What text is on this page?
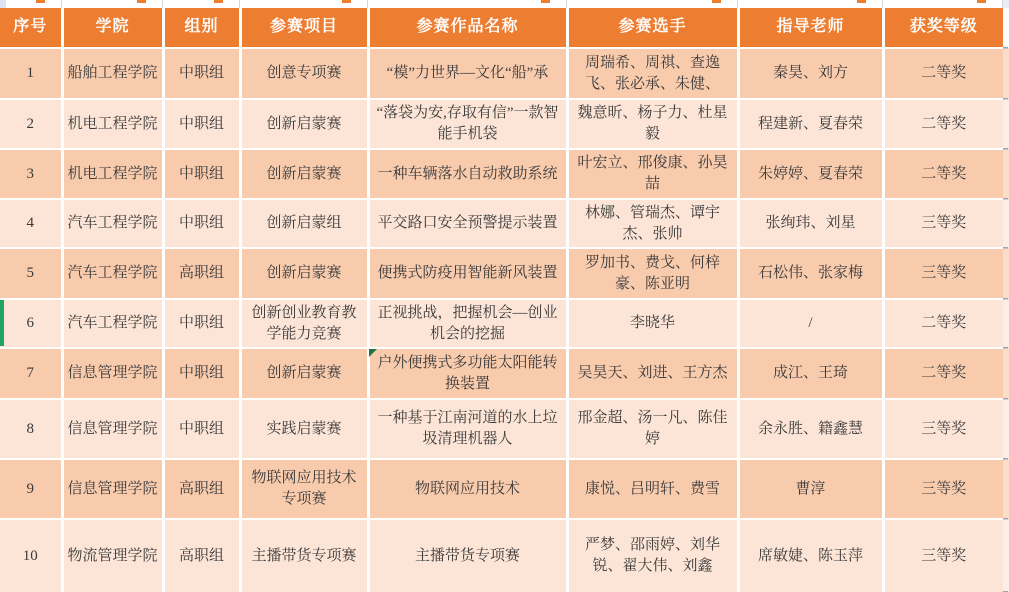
序号	学院	组别	参赛项目	参赛作品名称	参赛选手	指导老师	获奖等级
1	船舶工程学院	中职组	创意专项赛	“模”力世界—文化“船”承	周瑞希、周祺、查逸飞、张必承、朱健、	秦昊、刘方	二等奖
2	机电工程学院	中职组	创新启蒙赛	“落袋为安,存取有信”一款智能手机袋	魏意昕、杨子力、杜星毅	程建新、夏春荣	二等奖
3	机电工程学院	中职组	创新启蒙赛	一种车辆落水自动救助系统	叶宏立、邢俊康、孙昊喆	朱婷婷、夏春荣	二等奖
4	汽车工程学院	中职组	创新启蒙组	平交路口安全预警提示装置	林娜、管瑞杰、谭宇杰、张帅	张绚玮、刘星	三等奖
5	汽车工程学院	高职组	创新启蒙赛	便携式防疫用智能新风装置	罗加书、费戈、何梓豪、陈亚明	石松伟、张家梅	三等奖
6	汽车工程学院	中职组	创新创业教育教学能力竞赛	正视挑战，把握机会—创业机会的挖掘	李晓华	/	二等奖
7	信息管理学院	中职组	创新启蒙赛	户外便携式多功能太阳能转换装置	吴昊天、刘进、王方杰	成江、王琦	二等奖
8	信息管理学院	中职组	实践启蒙赛	一种基于江南河道的水上垃圾清理机器人	邢金超、汤一凡、陈佳婷	余永胜、籍鑫慧	三等奖
9	信息管理学院	高职组	物联网应用技术专项赛	物联网应用技术	康悦、吕明轩、费雪	曹淳	三等奖
10	物流管理学院	高职组	主播带货专项赛	主播带货专项赛	严梦、邵雨婷、刘华锐、翟大伟、刘鑫	席敏婕、陈玉萍	三等奖
